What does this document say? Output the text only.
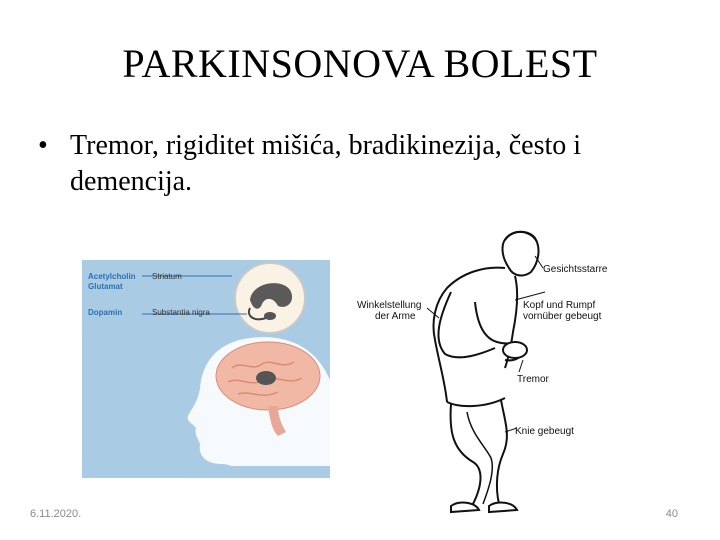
PARKINSONOVA BOLEST
• Tremor, rigiditet mišića, bradikinezija, često i demencija.
Acetylcholin
Glutamat
Dopamin
Striatum
Substantia nigra
Gesichtsstarre
Winkelstellung
der Arme
Kopf und Rumpf
vornüber gebeugt
Tremor
Knie gebeugt
6.11.2020.	40
